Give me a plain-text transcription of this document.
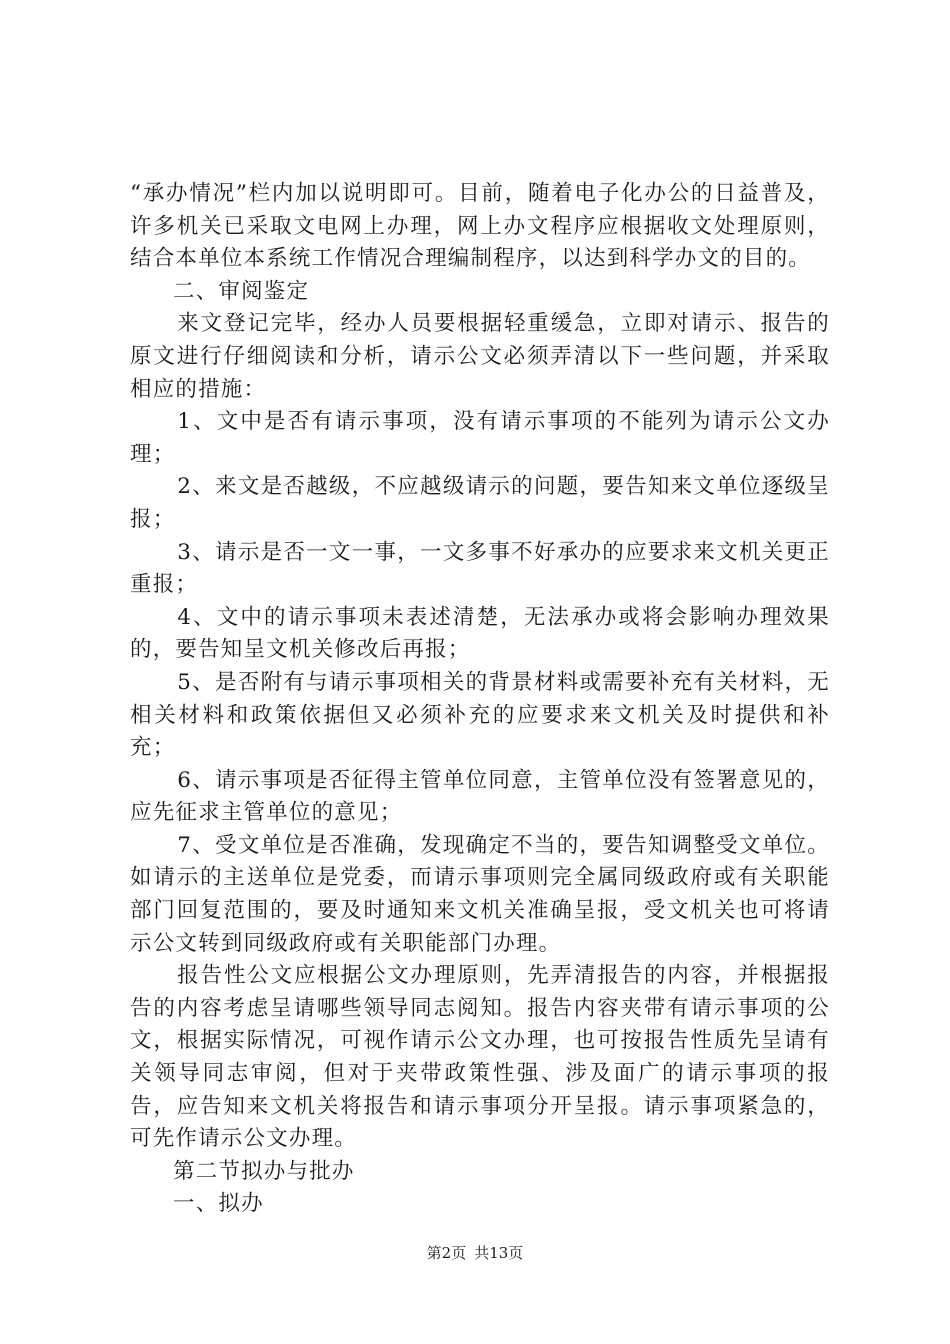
“承办情况”栏内加以说明即可。目前，随着电子化办公的日益普及，许多机关已采取文电网上办理，网上办文程序应根据收文处理原则，结合本单位本系统工作情况合理编制程序，以达到科学办文的目的。

二、审阅鉴定

来文登记完毕，经办人员要根据轻重缓急，立即对请示、报告的原文进行仔细阅读和分析，请示公文必须弄清以下一些问题，并采取相应的措施：

1、文中是否有请示事项，没有请示事项的不能列为请示公文办理；

2、来文是否越级，不应越级请示的问题，要告知来文单位逐级呈报；

3、请示是否一文一事，一文多事不好承办的应要求来文机关更正重报；

4、文中的请示事项未表述清楚，无法承办或将会影响办理效果的，要告知呈文机关修改后再报；

5、是否附有与请示事项相关的背景材料或需要补充有关材料，无相关材料和政策依据但又必须补充的应要求来文机关及时提供和补充；

6、请示事项是否征得主管单位同意，主管单位没有签署意见的，应先征求主管单位的意见；

7、受文单位是否准确，发现确定不当的，要告知调整受文单位。如请示的主送单位是党委，而请示事项则完全属同级政府或有关职能部门回复范围的，要及时通知来文机关准确呈报，受文机关也可将请示公文转到同级政府或有关职能部门办理。

报告性公文应根据公文办理原则，先弄清报告的内容，并根据报告的内容考虑呈请哪些领导同志阅知。报告内容夹带有请示事项的公文，根据实际情况，可视作请示公文办理，也可按报告性质先呈请有关领导同志审阅，但对于夹带政策性强、涉及面广的请示事项的报告，应告知来文机关将报告和请示事项分开呈报。请示事项紧急的，可先作请示公文办理。

第二节拟办与批办

一、拟办

第2页 共13页
